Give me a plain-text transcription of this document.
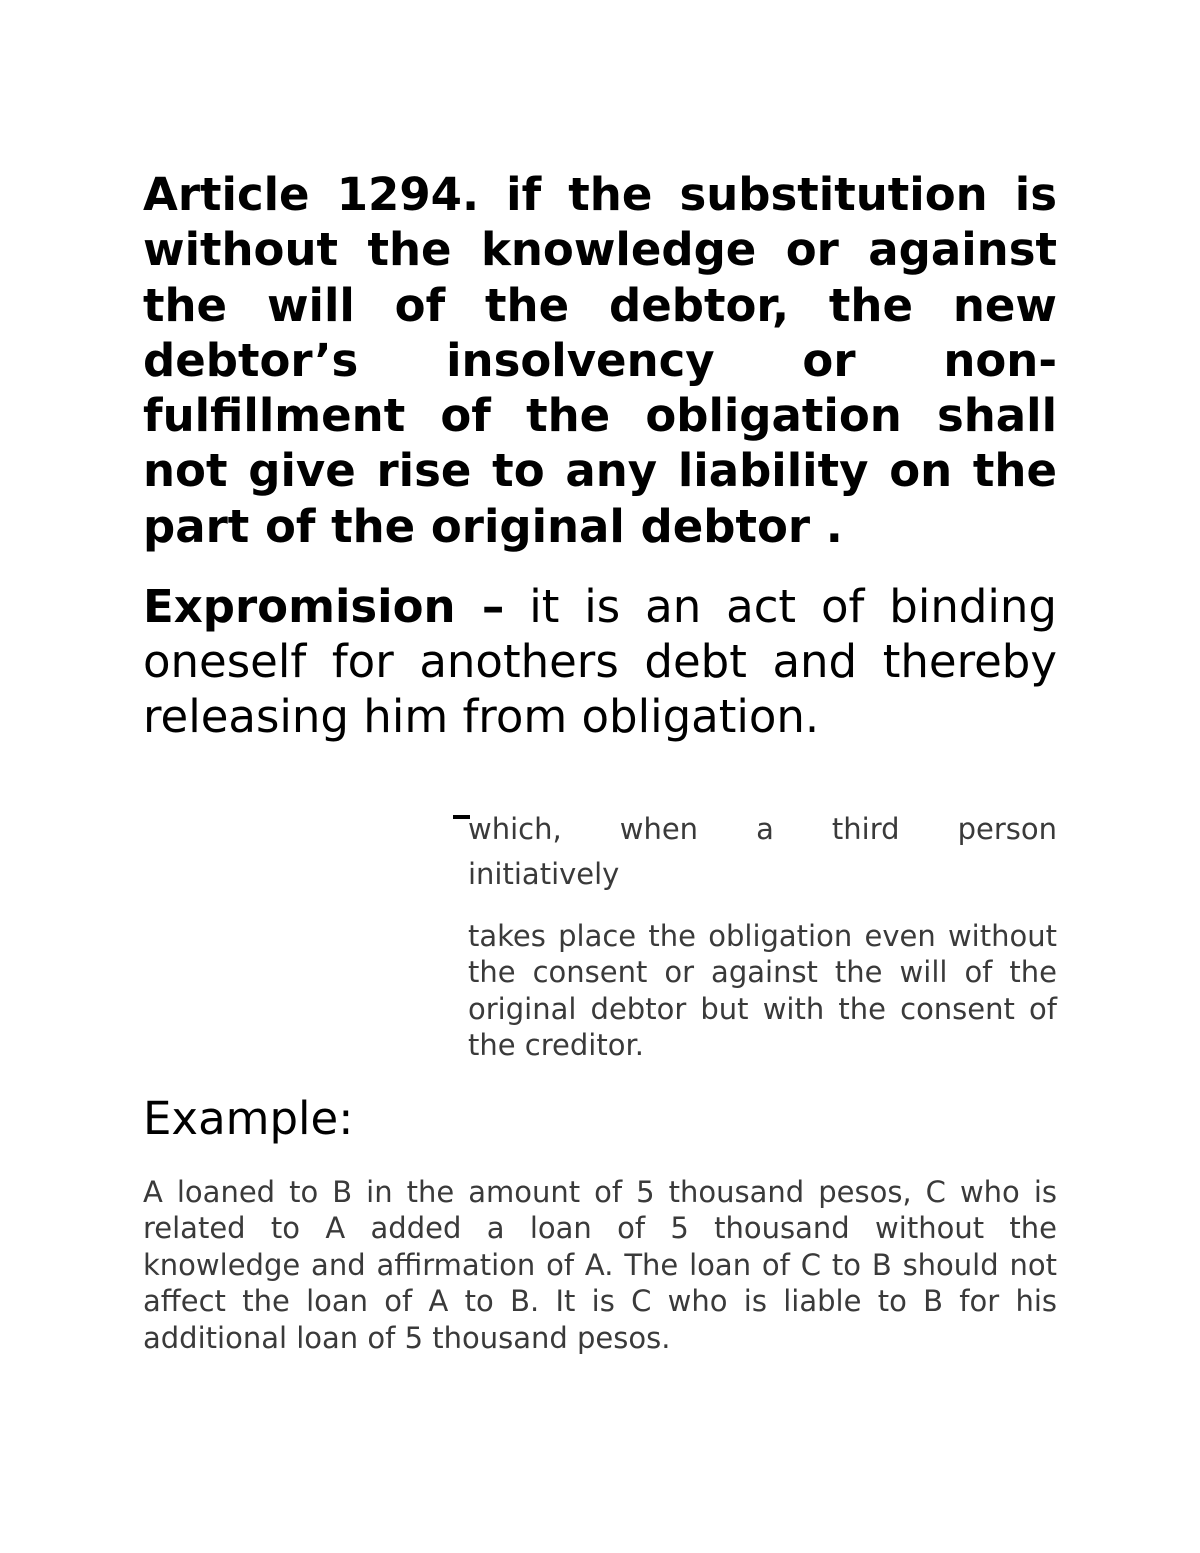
Article 1294. if the substitution is without the knowledge or against the will of the debtor, the new debtor’s insolvency or non-fulfillment of the obligation shall not give rise to any liability on the part of the original debtor .

Expromision – it is an act of binding oneself for anothers debt and thereby releasing him from obligation.

which, when a third person

initiatively

takes place the obligation even without the consent or against the will of the original debtor but with the consent of the creditor.

Example:

A loaned to B in the amount of 5 thousand pesos, C who is related to A added a loan of 5 thousand without the knowledge and affirmation of A. The loan of C to B should not affect the loan of A to B. It is C who is liable to B for his additional loan of 5 thousand pesos.
